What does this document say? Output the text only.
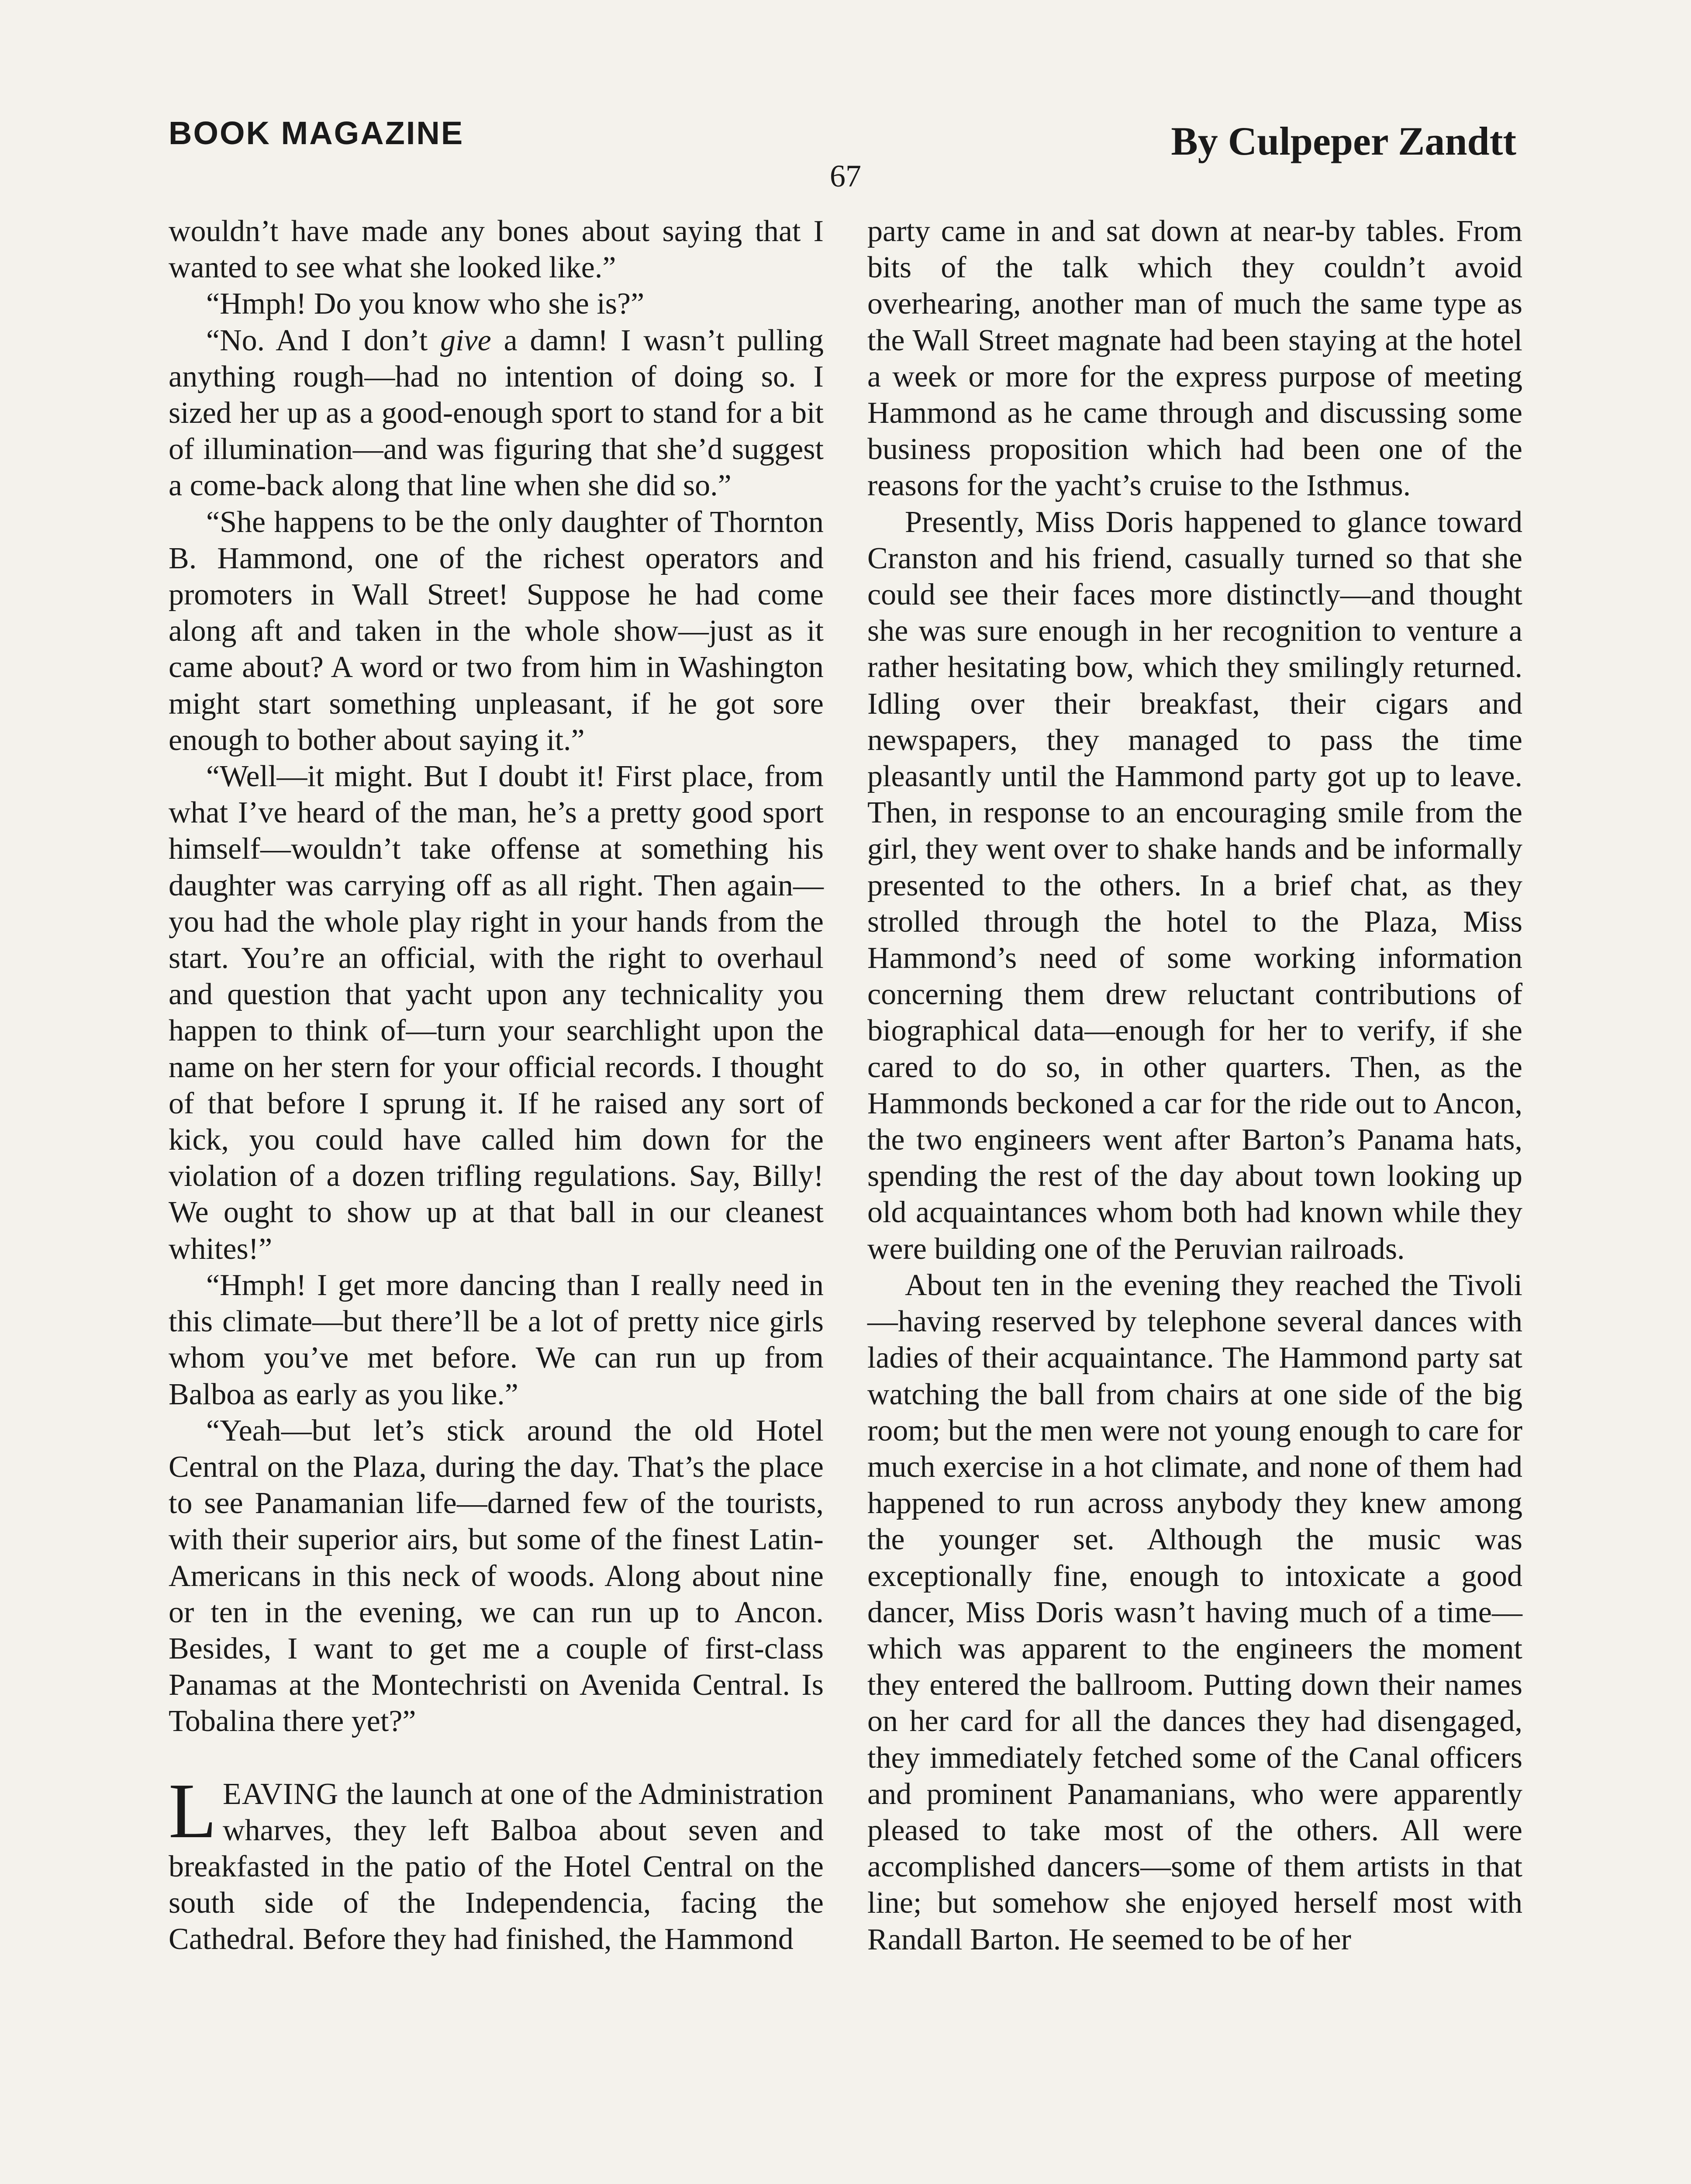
BOOK MAGAZINE	By Culpeper Zandtt
67

wouldn’t have made any bones about saying that I wanted to see what she looked like.”

“Hmph! Do you know who she is?”

“No. And I don’t give a damn! I wasn’t pulling anything rough—had no intention of doing so. I sized her up as a good-enough sport to stand for a bit of illumination—and was figuring that she’d suggest a come-back along that line when she did so.”

“She happens to be the only daughter of Thornton B. Hammond, one of the richest operators and promoters in Wall Street! Suppose he had come along aft and taken in the whole show—just as it came about? A word or two from him in Washington might start something unpleasant, if he got sore enough to bother about saying it.”

“Well—it might. But I doubt it! First place, from what I’ve heard of the man, he’s a pretty good sport himself—wouldn’t take offense at something his daughter was carrying off as all right. Then again—you had the whole play right in your hands from the start. You’re an official, with the right to overhaul and question that yacht upon any technicality you happen to think of—turn your searchlight upon the name on her stern for your official records. I thought of that before I sprung it. If he raised any sort of kick, you could have called him down for the violation of a dozen trifling regulations. Say, Billy! We ought to show up at that ball in our cleanest whites!”

“Hmph! I get more dancing than I really need in this climate—but there’ll be a lot of pretty nice girls whom you’ve met before. We can run up from Balboa as early as you like.”

“Yeah—but let’s stick around the old Hotel Central on the Plaza, during the day. That’s the place to see Panamanian life—darned few of the tourists, with their superior airs, but some of the finest Latin-Americans in this neck of woods. Along about nine or ten in the evening, we can run up to Ancon. Besides, I want to get me a couple of first-class Panamas at the Montechristi on Avenida Central. Is Tobalina there yet?”

LEAVING the launch at one of the Administration wharves, they left Balboa about seven and breakfasted in the patio of the Hotel Central on the south side of the Independencia, facing the Cathedral. Before they had finished, the Hammond

party came in and sat down at near-by tables. From bits of the talk which they couldn’t avoid overhearing, another man of much the same type as the Wall Street magnate had been staying at the hotel a week or more for the express purpose of meeting Hammond as he came through and discussing some business proposition which had been one of the reasons for the yacht’s cruise to the Isthmus.

Presently, Miss Doris happened to glance toward Cranston and his friend, casually turned so that she could see their faces more distinctly—and thought she was sure enough in her recognition to venture a rather hesitating bow, which they smilingly returned. Idling over their breakfast, their cigars and newspapers, they managed to pass the time pleasantly until the Hammond party got up to leave. Then, in response to an encouraging smile from the girl, they went over to shake hands and be informally presented to the others. In a brief chat, as they strolled through the hotel to the Plaza, Miss Hammond’s need of some working information concerning them drew reluctant contributions of biographical data—enough for her to verify, if she cared to do so, in other quarters. Then, as the Hammonds beckoned a car for the ride out to Ancon, the two engineers went after Barton’s Panama hats, spending the rest of the day about town looking up old acquaintances whom both had known while they were building one of the Peruvian railroads.

About ten in the evening they reached the Tivoli—having reserved by telephone several dances with ladies of their acquaintance. The Hammond party sat watching the ball from chairs at one side of the big room; but the men were not young enough to care for much exercise in a hot climate, and none of them had happened to run across anybody they knew among the younger set. Although the music was exceptionally fine, enough to intoxicate a good dancer, Miss Doris wasn’t having much of a time—which was apparent to the engineers the moment they entered the ballroom. Putting down their names on her card for all the dances they had disengaged, they immediately fetched some of the Canal officers and prominent Panamanians, who were apparently pleased to take most of the others. All were accomplished dancers—some of them artists in that line; but somehow she enjoyed herself most with Randall Barton. He seemed to be of her
